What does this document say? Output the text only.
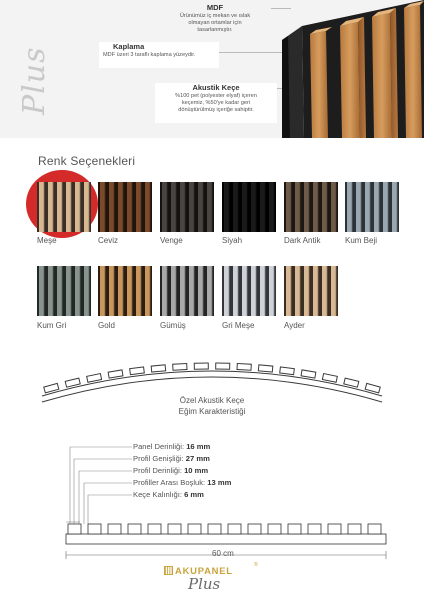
Plus
MDF
Ürünümüz iç mekan ve ıslak
olmayan ortamlar için
tasarlanmıştır.
Kaplama
MDF üzeri 3 taraflı kaplama yüzeydir.
Akustik Keçe
%100 pet (polyester elyaf) içeren
keçemiz, %50'ye kadar geri
dönüştürülmüş içeriğe sahiptir.
Renk Seçenekleri
Meşe	Ceviz	Venge	Siyah	Dark Antik	Kum Beji
Kum Gri	Gold	Gümüş	Gri Meşe	Ayder
Özel Akustik Keçe
Eğim Karakteristiği
Panel Derinliği: 16 mm
Profil Genişliği: 27 mm
Profil Derinliği: 10 mm
Profiller Arası Boşluk: 13 mm
Keçe Kalınlığı: 6 mm
60 cm
AKUPANEL	®
Plus
